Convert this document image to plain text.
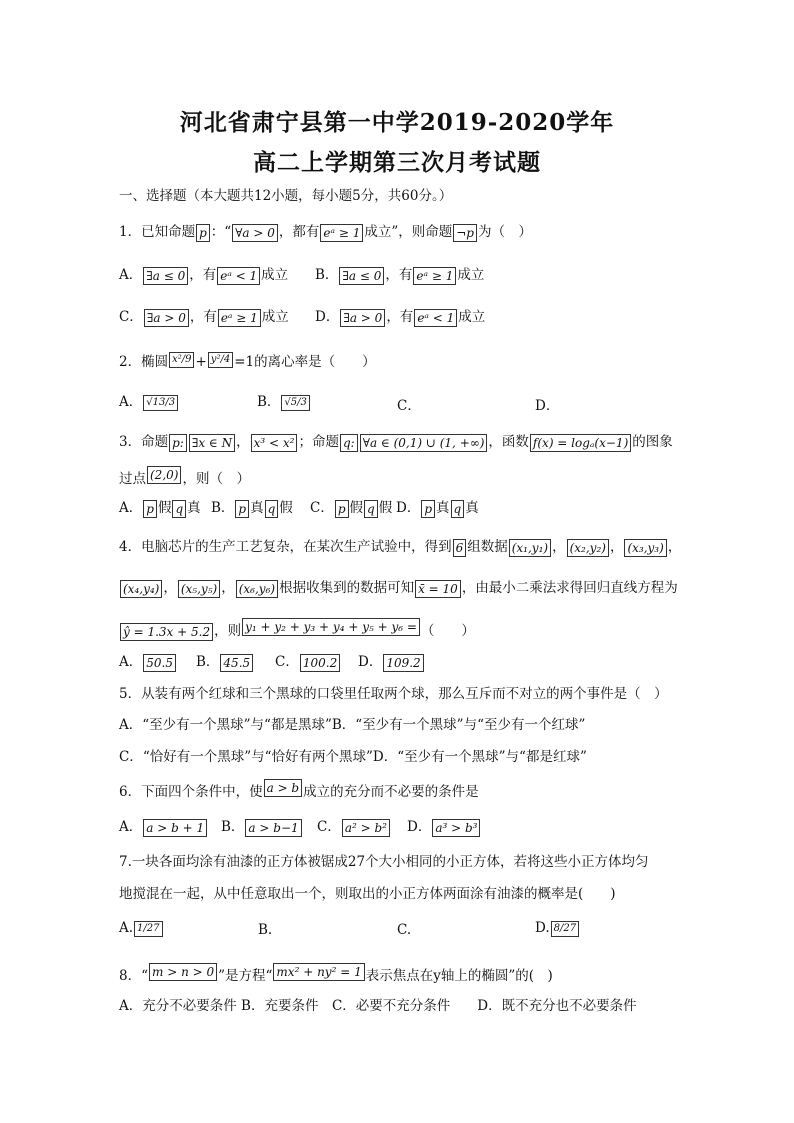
河北省肃宁县第一中学2019-2020学年
高二上学期第三次月考试题
一、选择题（本大题共12小题，每小题5分，共60分。）
1．已知命题 p ：“ ∀a > 0 ，都有 eᵃ ≥ 1 成立”，则命题 ¬p 为（　）
A． ∃a ≤ 0 ，有 eᵃ < 1 成立 B． ∃a ≤ 0 ，有 eᵃ ≥ 1 成立
C． ∃a > 0 ，有 eᵃ ≥ 1 成立 D． ∃a > 0 ，有 eᵃ < 1 成立
2．椭圆 x²/9 + y²/4 =1的离心率是（　　）
A． √13/3	B． √5/3	C．	D．
3．命题 p: ∃x ∈ N ， x³ < x² ；命题 q: ∀a ∈ (0,1) ∪ (1, +∞) ，函数 f(x) = logₐ(x−1) 的图象
过点 (2,0) ，则（　）
A． p 假 q 真 B． p 真 q 假 C． p 假 q 假 D． p 真 q 真
4．电脑芯片的生产工艺复杂，在某次生产试验中，得到 6 组数据 (x₁,y₁) ， (x₂,y₂) ， (x₃,y₃) ，
(x₄,y₄) ， (x₅,y₅) ， (x₆,y₆) 根据收集到的数据可知 x̄ = 10 ，由最小二乘法求得回归直线方程为
ŷ = 1.3x + 5.2 ，则 y₁ + y₂ + y₃ + y₄ + y₅ + y₆ = （　　）
A． 50.5 B． 45.5 C． 100.2 D． 109.2
5．从装有两个红球和三个黑球的口袋里任取两个球，那么互斥而不对立的两个事件是（　）
A．“至少有一个黑球”与“都是黑球”B．“至少有一个黑球”与“至少有一个红球”
C．“恰好有一个黑球”与“恰好有两个黑球”D．“至少有一个黑球”与“都是红球”
6．下面四个条件中，使 a > b 成立的充分而不必要的条件是
A． a > b + 1 B． a > b−1 C． a² > b² D． a³ > b³
7.一块各面均涂有油漆的正方体被锯成27个大小相同的小正方体，若将这些小正方体均匀
地搅混在一起，从中任意取出一个，则取出的小正方体两面涂有油漆的概率是(　　)
A. 1/27	B.	C.	D. 8/27
8．“ m > n > 0 ”是方程“ mx² + ny² = 1 表示焦点在y轴上的椭圆”的(　)
A．充分不必要条件 B．充要条件　C．必要不充分条件　　D．既不充分也不必要条件
